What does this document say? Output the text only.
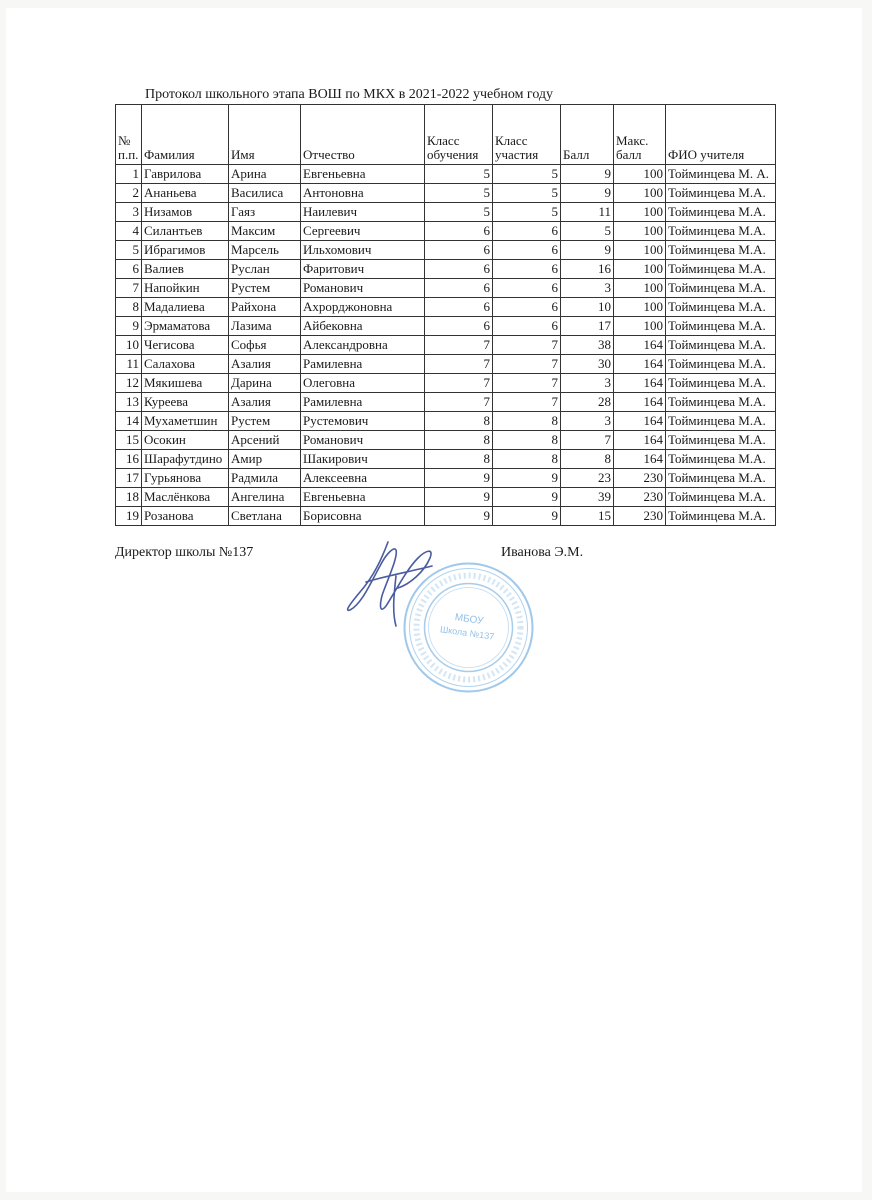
Протокол школьного этапа ВОШ по МКХ в 2021-2022 учебном году
№ п.п.	Фамилия	Имя	Отчество	Класс обучения	Класс участия	Балл	Макс. балл	ФИО учителя
1	Гаврилова	Арина	Евгеньевна	5	5	9	100	Тойминцева М. А.
2	Ананьева	Василиса	Антоновна	5	5	9	100	Тойминцева М.А.
3	Низамов	Гаяз	Наилевич	5	5	11	100	Тойминцева М.А.
4	Силантьев	Максим	Сергеевич	6	6	5	100	Тойминцева М.А.
5	Ибрагимов	Марсель	Ильхомович	6	6	9	100	Тойминцева М.А.
6	Валиев	Руслан	Фаритович	6	6	16	100	Тойминцева М.А.
7	Напойкин	Рустем	Романович	6	6	3	100	Тойминцева М.А.
8	Мадалиева	Райхона	Ахрорджоновна	6	6	10	100	Тойминцева М.А.
9	Эрмаматова	Лазима	Айбековна	6	6	17	100	Тойминцева М.А.
10	Чегисова	Софья	Александровна	7	7	38	164	Тойминцева М.А.
11	Салахова	Азалия	Рамилевна	7	7	30	164	Тойминцева М.А.
12	Мякишева	Дарина	Олеговна	7	7	3	164	Тойминцева М.А.
13	Куреева	Азалия	Рамилевна	7	7	28	164	Тойминцева М.А.
14	Мухаметшин	Рустем	Рустемович	8	8	3	164	Тойминцева М.А.
15	Осокин	Арсений	Романович	8	8	7	164	Тойминцева М.А.
16	Шарафутдино	Амир	Шакирович	8	8	8	164	Тойминцева М.А.
17	Гурьянова	Радмила	Алексеевна	9	9	23	230	Тойминцева М.А.
18	Маслёнкова	Ангелина	Евгеньевна	9	9	39	230	Тойминцева М.А.
19	Розанова	Светлана	Борисовна	9	9	15	230	Тойминцева М.А.
Директор школы №137	Иванова Э.М.
МБОУ
Школа №137
